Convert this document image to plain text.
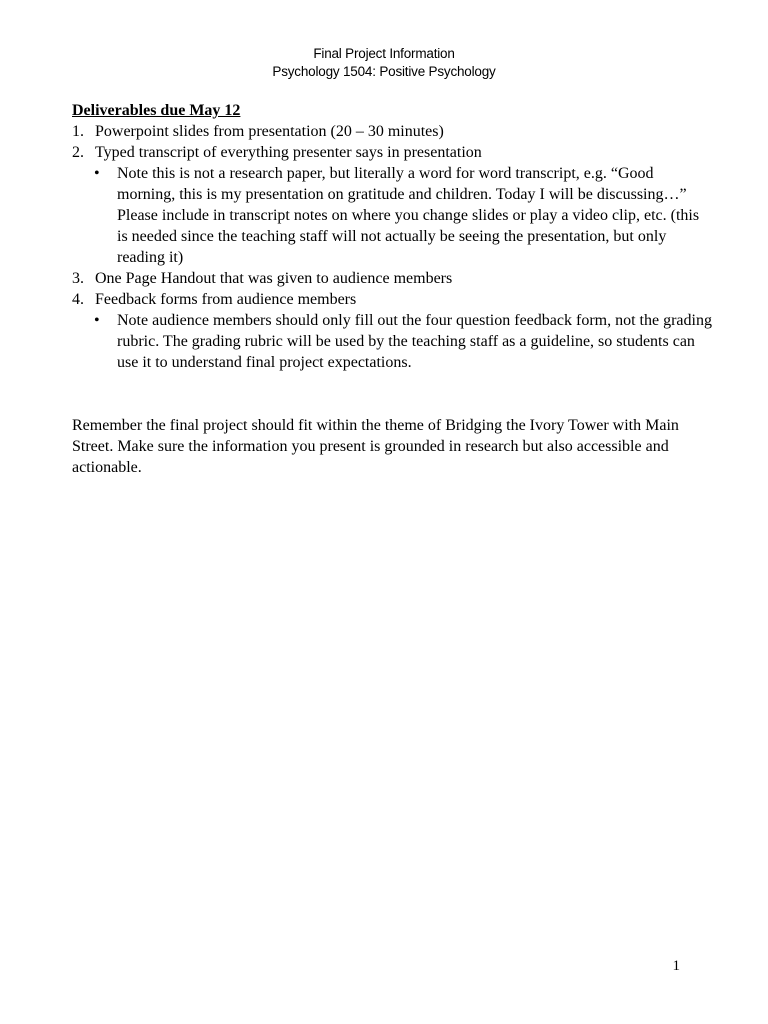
Final Project Information
Psychology 1504: Positive Psychology

Deliverables due May 12

1. Powerpoint slides from presentation (20 – 30 minutes)
2. Typed transcript of everything presenter says in presentation
• Note this is not a research paper, but literally a word for word transcript, e.g. “Good morning, this is my presentation on gratitude and children. Today I will be discussing…” Please include in transcript notes on where you change slides or play a video clip, etc. (this is needed since the teaching staff will not actually be seeing the presentation, but only reading it)
3. One Page Handout that was given to audience members
4. Feedback forms from audience members
• Note audience members should only fill out the four question feedback form, not the grading rubric. The grading rubric will be used by the teaching staff as a guideline, so students can use it to understand final project expectations.

Remember the final project should fit within the theme of Bridging the Ivory Tower with Main Street. Make sure the information you present is grounded in research but also accessible and actionable.

1
